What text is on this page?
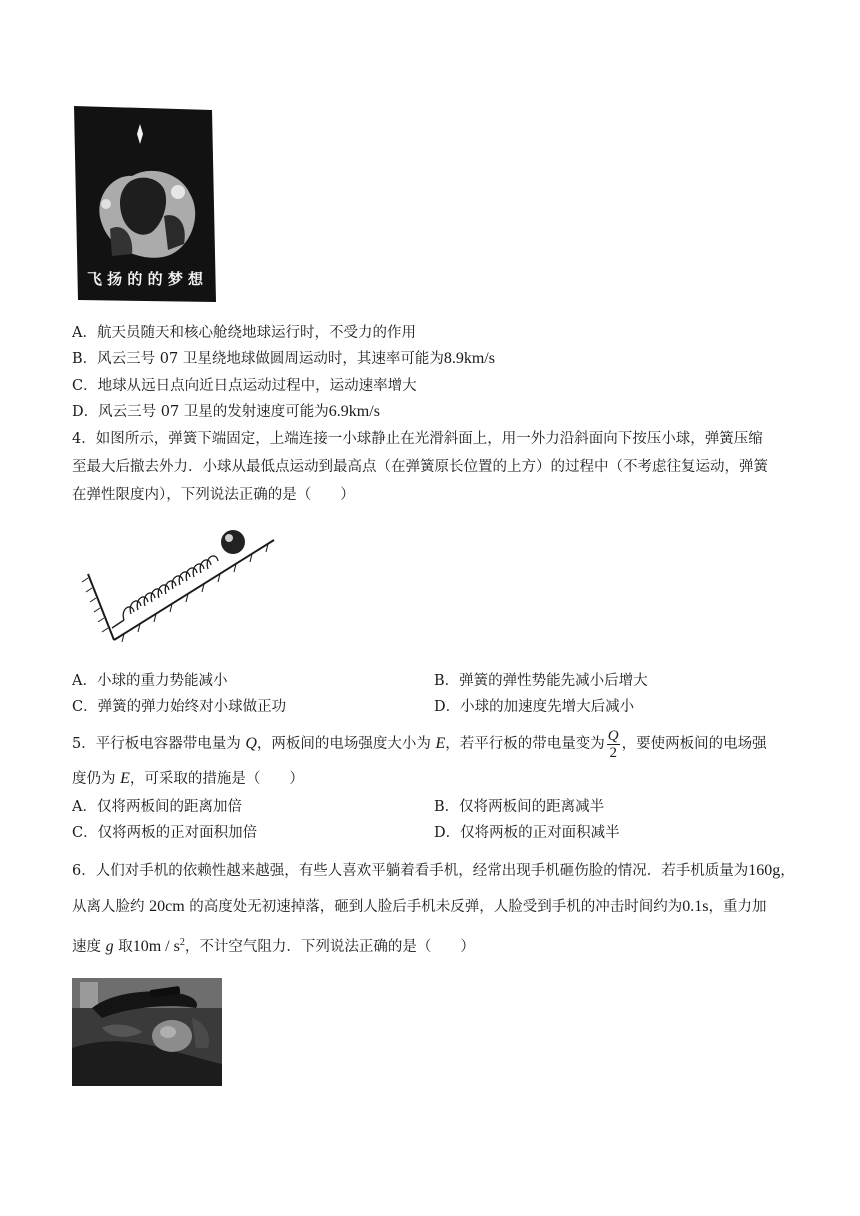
飞 扬 的 的 梦 想
A．航天员随天和核心舱绕地球运行时，不受力的作用
B．风云三号 07 卫星绕地球做圆周运动时，其速率可能为8.9km/s
C．地球从远日点向近日点运动过程中，运动速率增大
D．风云三号 07 卫星的发射速度可能为6.9km/s
4．如图所示，弹簧下端固定，上端连接一小球静止在光滑斜面上，用一外力沿斜面向下按压小球，弹簧压缩
至最大后撤去外力．小球从最低点运动到最高点（在弹簧原长位置的上方）的过程中（不考虑往复运动，弹簧
在弹性限度内），下列说法正确的是（　　）
A．小球的重力势能减小	B．弹簧的弹性势能先减小后增大
C．弹簧的弹力始终对小球做正功	D．小球的加速度先增大后减小
5．平行板电容器带电量为 Q，两板间的电场强度大小为 E，若平行板的带电量变为 $\frac{Q}{2}$ ，要使两板间的电场强
度仍为 E，可采取的措施是（　　）
A．仅将两板间的距离加倍	B．仅将两板间的距离减半
C．仅将两板的正对面积加倍	D．仅将两板的正对面积减半
6．人们对手机的依赖性越来越强，有些人喜欢平躺着看手机，经常出现手机砸伤脸的情况．若手机质量为160g，
从离人脸约 20cm 的高度处无初速掉落，砸到人脸后手机未反弹，人脸受到手机的冲击时间约为0.1s，重力加
速度 g 取$10m / s^2$，不计空气阻力．下列说法正确的是（　　）
